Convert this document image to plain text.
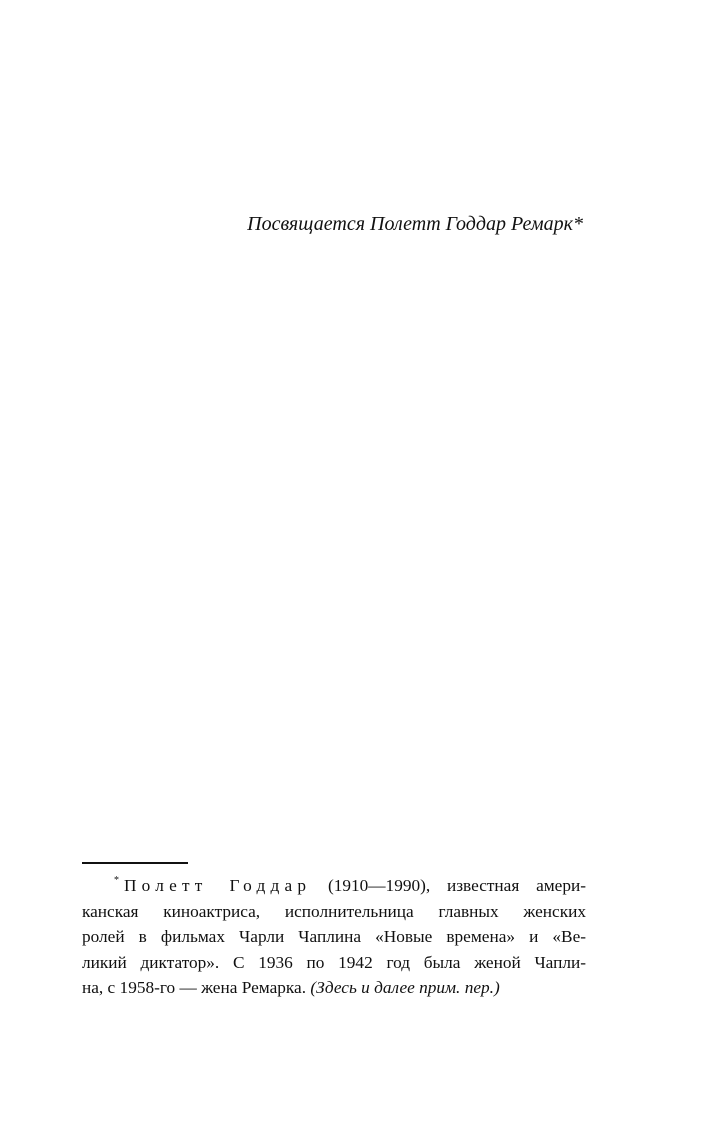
Посвящается Полетт Годдар Ремарк*
* Полетт Годдар (1910—1990), известная амери-
канская киноактриса, исполнительница главных женских
ролей в фильмах Чарли Чаплина «Новые времена» и «Ве-
ликий диктатор». С 1936 по 1942 год была женой Чапли-
на, с 1958-го — жена Ремарка. (Здесь и далее прим. пер.)
